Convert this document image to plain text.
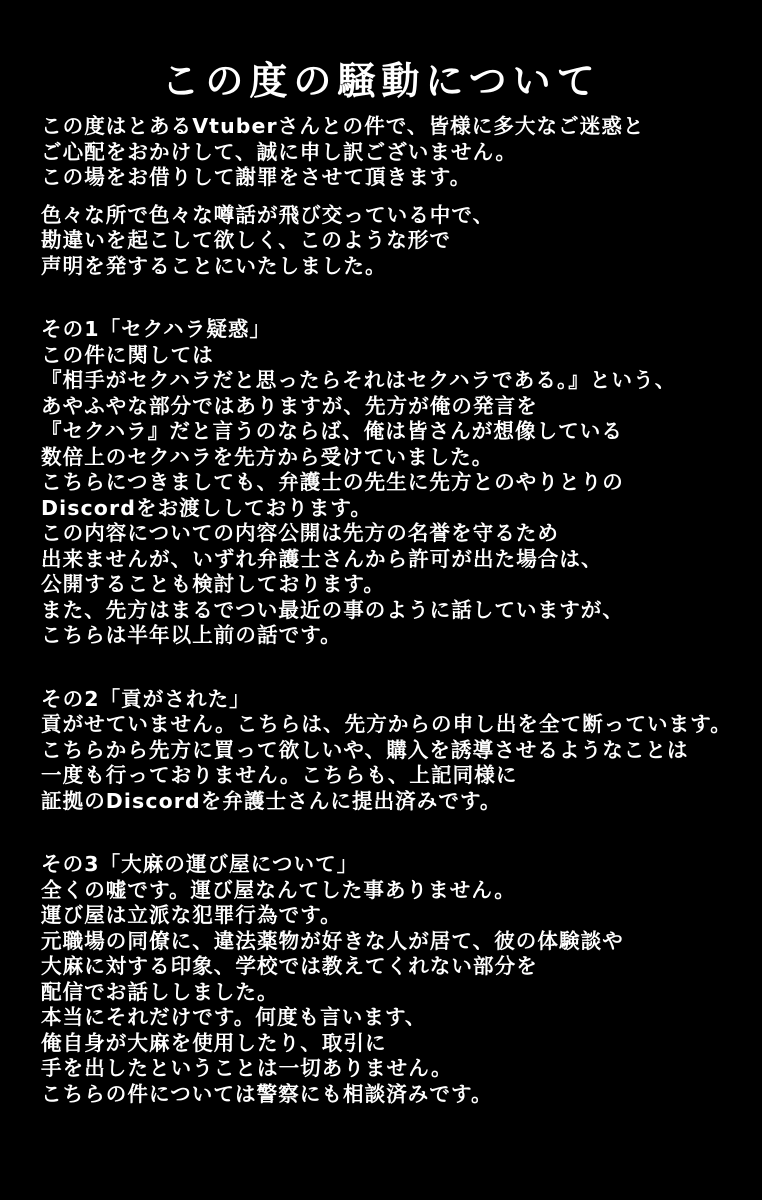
この度の騒動について

この度はとあるVtuberさんとの件で、皆様に多大なご迷惑と
ご心配をおかけして、誠に申し訳ございません。
この場をお借りして謝罪をさせて頂きます。

色々な所で色々な噂話が飛び交っている中で、
勘違いを起こして欲しく、このような形で
声明を発することにいたしました。

その1「セクハラ疑惑」
この件に関しては
『相手がセクハラだと思ったらそれはセクハラである。』という、
あやふやな部分ではありますが、先方が俺の発言を
『セクハラ』だと言うのならば、俺は皆さんが想像している
数倍上のセクハラを先方から受けていました。
こちらにつきましても、弁護士の先生に先方とのやりとりの
Discordをお渡ししております。
この内容についての内容公開は先方の名誉を守るため
出来ませんが、いずれ弁護士さんから許可が出た場合は、
公開することも検討しております。
また、先方はまるでつい最近の事のように話していますが、
こちらは半年以上前の話です。

その2「貢がされた」
貢がせていません。こちらは、先方からの申し出を全て断っています。
こちらから先方に買って欲しいや、購入を誘導させるようなことは
一度も行っておりません。こちらも、上記同様に
証拠のDiscordを弁護士さんに提出済みです。

その3「大麻の運び屋について」
全くの嘘です。運び屋なんてした事ありません。
運び屋は立派な犯罪行為です。
元職場の同僚に、違法薬物が好きな人が居て、彼の体験談や
大麻に対する印象、学校では教えてくれない部分を
配信でお話ししました。
本当にそれだけです。何度も言います、
俺自身が大麻を使用したり、取引に
手を出したということは一切ありません。
こちらの件については警察にも相談済みです。
